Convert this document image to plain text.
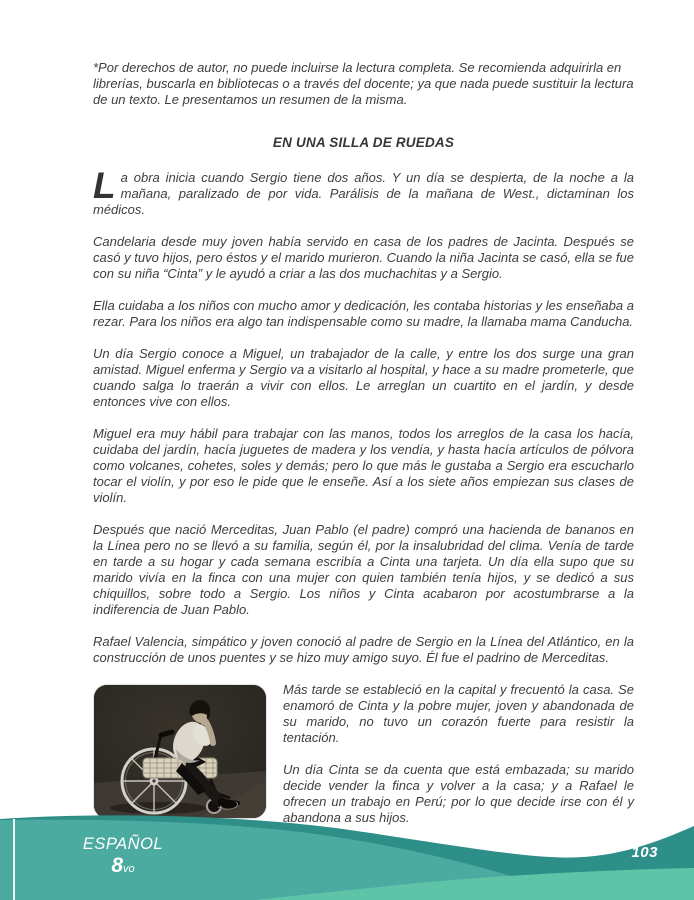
*Por derechos de autor, no puede incluirse la lectura completa. Se recomienda adquirirla en librerías, buscarla en bibliotecas o a través del docente; ya que nada puede sustituir la lectura de un texto. Le presentamos un resumen de la misma.

EN UNA SILLA DE RUEDAS

La obra inicia cuando Sergio tiene dos años. Y un día se despierta, de la noche a la mañana, paralizado de por vida. Parálisis de la mañana de West., dictaminan los médicos.

Candelaria desde muy joven había servido en casa de los padres de Jacinta. Después se casó y tuvo hijos, pero éstos y el marido murieron. Cuando la niña Jacinta se casó, ella se fue con su niña “Cinta” y le ayudó a criar a las dos muchachitas y a Sergio.

Ella cuidaba a los niños con mucho amor y dedicación, les contaba historias y les enseñaba a rezar. Para los niños era algo tan indispensable como su madre, la llamaba mama Canducha.

Un día Sergio conoce a Miguel, un trabajador de la calle, y entre los dos surge una gran amistad. Miguel enferma y Sergio va a visitarlo al hospital, y hace a su madre prometerle, que cuando salga lo traerán a vivir con ellos. Le arreglan un cuartito en el jardín, y desde entonces vive con ellos.

Miguel era muy hábil para trabajar con las manos, todos los arreglos de la casa los hacía, cuidaba del jardín, hacía juguetes de madera y los vendía, y hasta hacía artículos de pólvora como volcanes, cohetes, soles y demás; pero lo que más le gustaba a Sergio era escucharlo tocar el violín, y por eso le pide que le enseñe. Así a los siete años empiezan sus clases de violín.

Después que nació Merceditas, Juan Pablo (el padre) compró una hacienda de bananos en la Línea pero no se llevó a su familia, según él, por la insalubridad del clima. Venía de tarde en tarde a su hogar y cada semana escribía a Cinta una tarjeta. Un día ella supo que su marido vivía en la finca con una mujer con quien también tenía hijos, y se dedicó a sus chiquillos, sobre todo a Sergio. Los niños y Cinta acabaron por acostumbrarse a la indiferencia de Juan Pablo.

Rafael Valencia, simpático y joven conoció al padre de Sergio en la Línea del Atlántico, en la construcción de unos puentes y se hizo muy amigo suyo. Él fue el padrino de Merceditas.

Más tarde se estableció en la capital y frecuentó la casa. Se enamoró de Cinta y la pobre mujer, joven y abandonada de su marido, no tuvo un corazón fuerte para resistir la tentación.

Un día Cinta se da cuenta que está embazada; su marido decide vender la finca y volver a la casa; y a Rafael le ofrecen un trabajo en Perú; por lo que decide irse con él y abandona a sus hijos.

ESPAÑOL
8vo
103
